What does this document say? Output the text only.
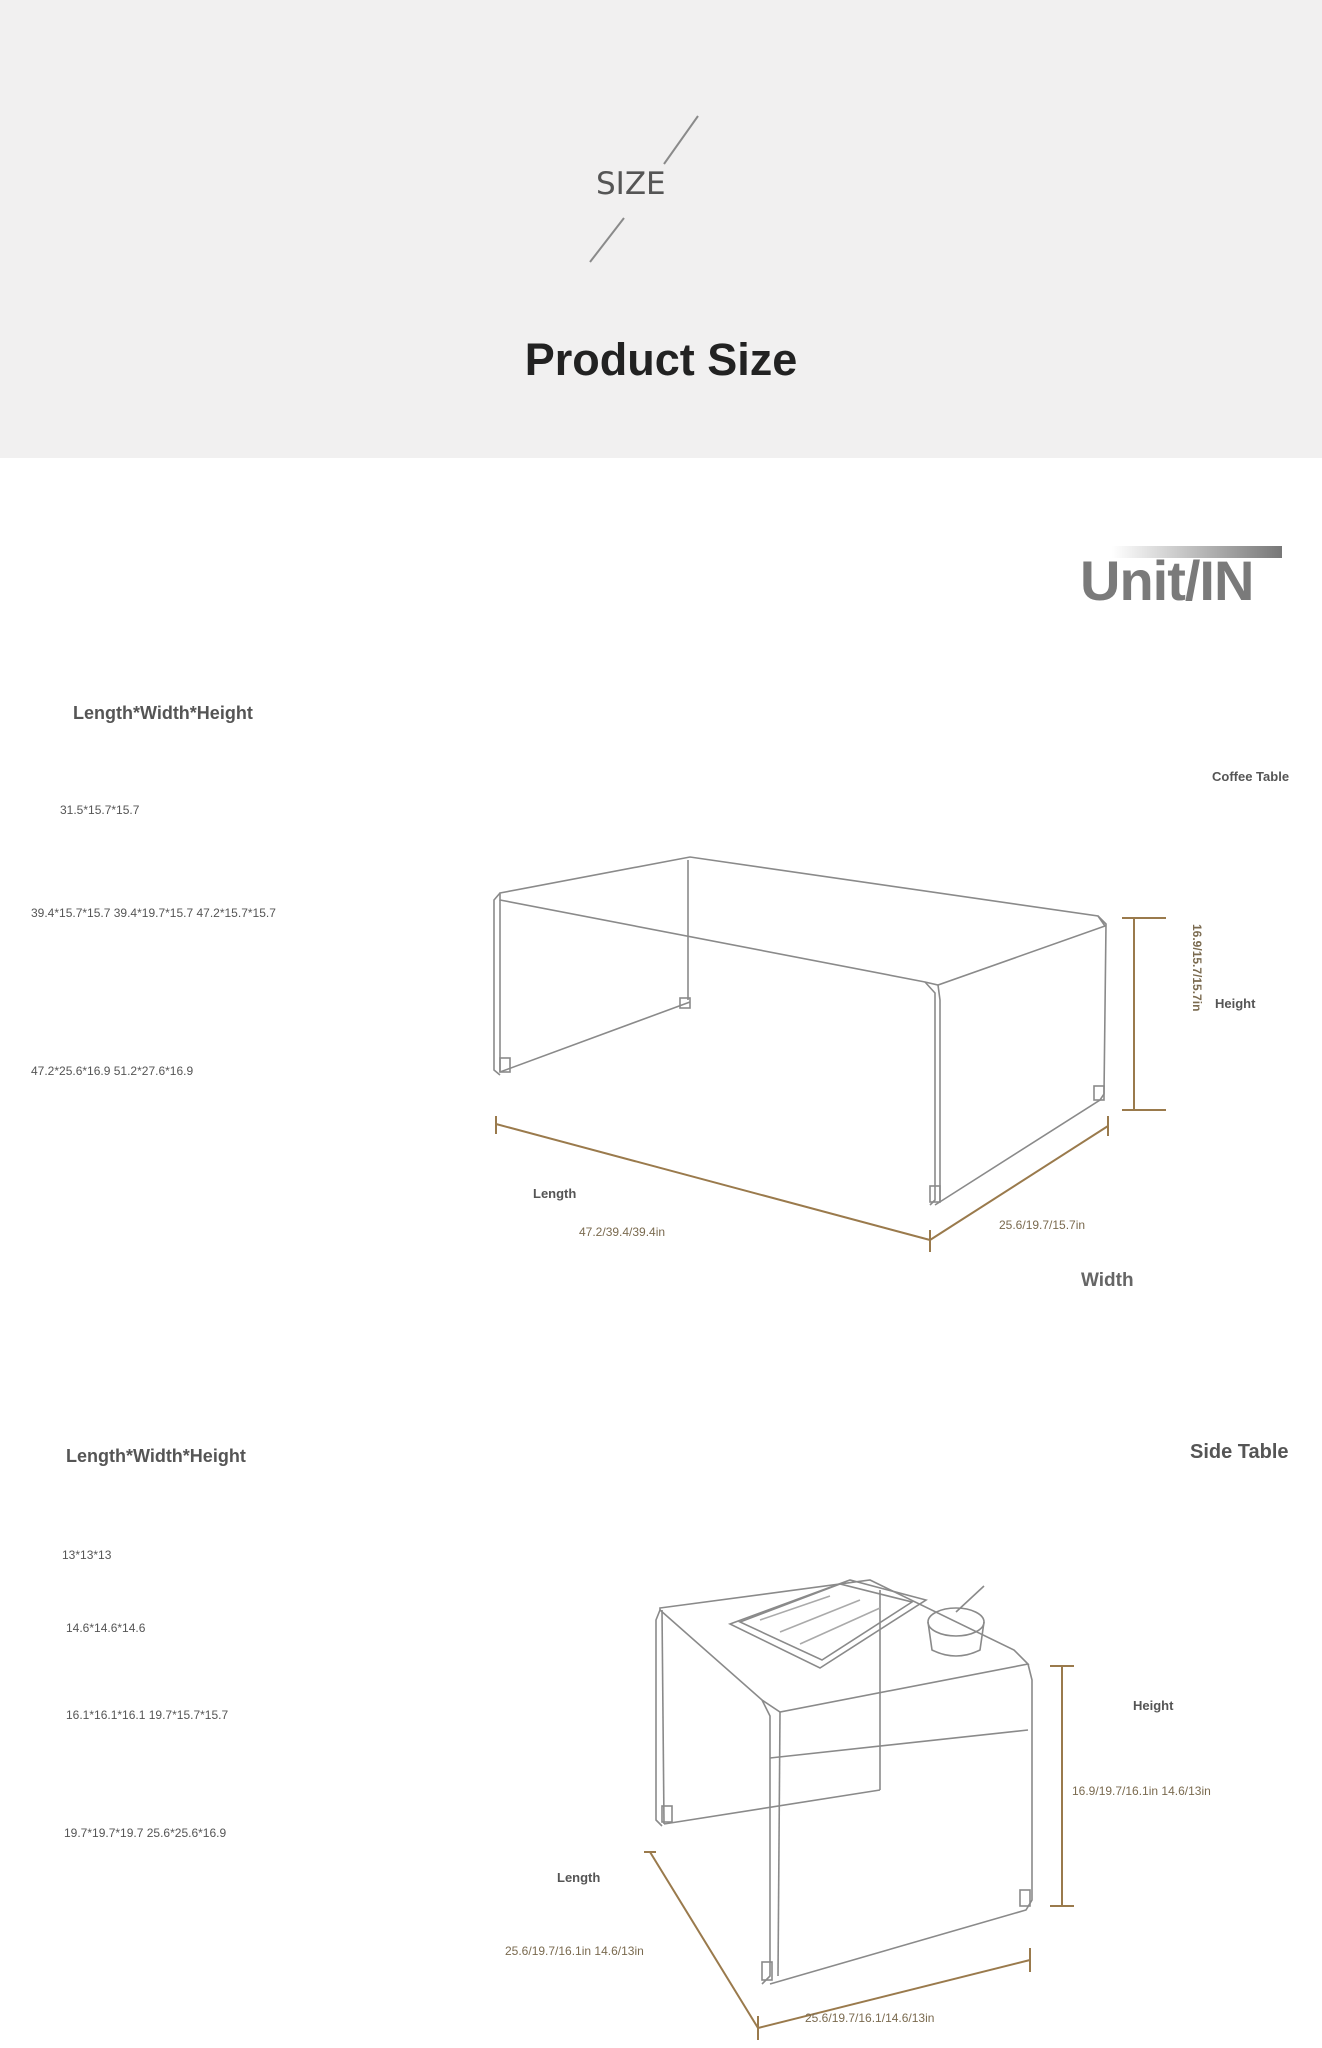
SIZE
Product Size
Unit/IN
Length*Width*Height
31.5*15.7*15.7
39.4*15.7*15.7 39.4*19.7*15.7 47.2*15.7*15.7
47.2*25.6*16.9 51.2*27.6*16.9
Coffee Table
16.9/15.7/15.7in Height
Length
47.2/39.4/39.4in	25.6/19.7/15.7in
Width
Length*Width*Height
13*13*13
14.6*14.6*14.6
16.1*16.1*16.1 19.7*15.7*15.7
19.7*19.7*19.7 25.6*25.6*16.9
Side Table
Height
16.9/19.7/16.1in 14.6/13in
Length
25.6/19.7/16.1in 14.6/13in
25.6/19.7/16.1/14.6/13in
